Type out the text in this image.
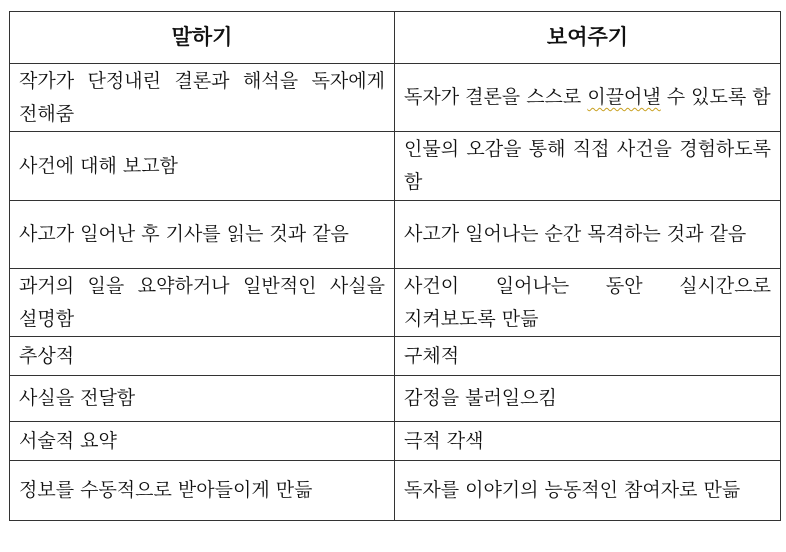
말하기	보여주기
작가가 단정내린 결론과 해석을 독자에게 전해줌	독자가 결론을 스스로 이끌어낼 수 있도록 함
사건에 대해 보고함	인물의 오감을 통해 직접 사건을 경험하도록 함
사고가 일어난 후 기사를 읽는 것과 같음	사고가 일어나는 순간 목격하는 것과 같음
과거의 일을 요약하거나 일반적인 사실을 설명함	사건이 일어나는 동안 실시간으로 지켜보도록 만듦
추상적	구체적
사실을 전달함	감정을 불러일으킴
서술적 요약	극적 각색
정보를 수동적으로 받아들이게 만듦	독자를 이야기의 능동적인 참여자로 만듦
